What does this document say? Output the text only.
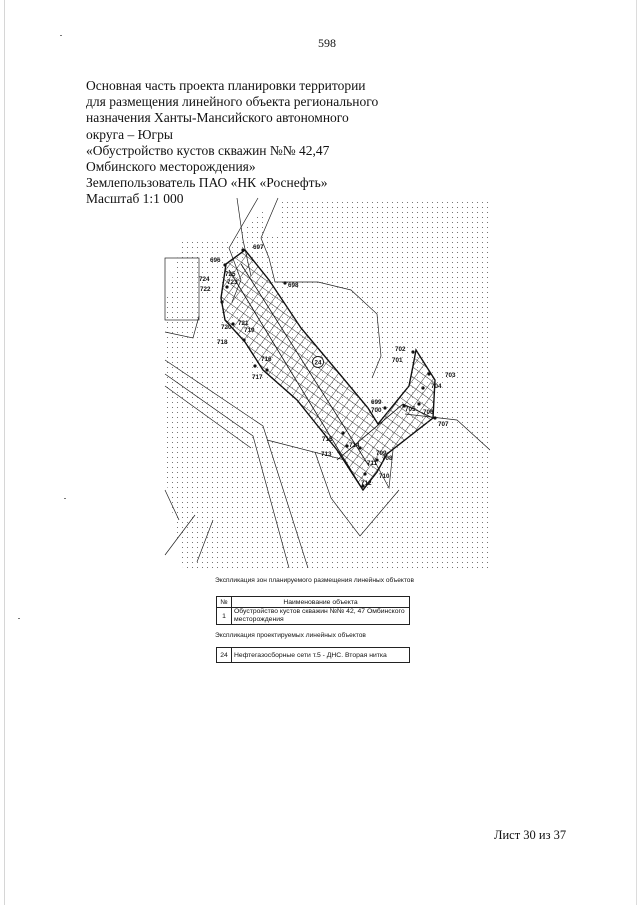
598
Основная часть проекта планировки территории
для размещения линейного объекта регионального
назначения Ханты-Мансийского автономного
округа – Югры
«Обустройство кустов скважин №№ 42,47
Омбинского месторождения»
Землепользователь ПАО «НК «Роснефть»
Масштаб 1:1 000
24
697
696
725
723
724
722
698
721
719
720
718
716
717
702
701
703
704
699
700	705 706
707
715
714
711
709
708
713
710
712
Экспликация зон планируемого размещения линейных объектов
№	Наименование объекта
1	Обустройство кустов скважин №№ 42, 47 Омбинского месторождения
Экспликация проектируемых линейных объектов
24	Нефтегазосборные сети т.5 - ДНС. Вторая нитка
Лист 30 из 37
